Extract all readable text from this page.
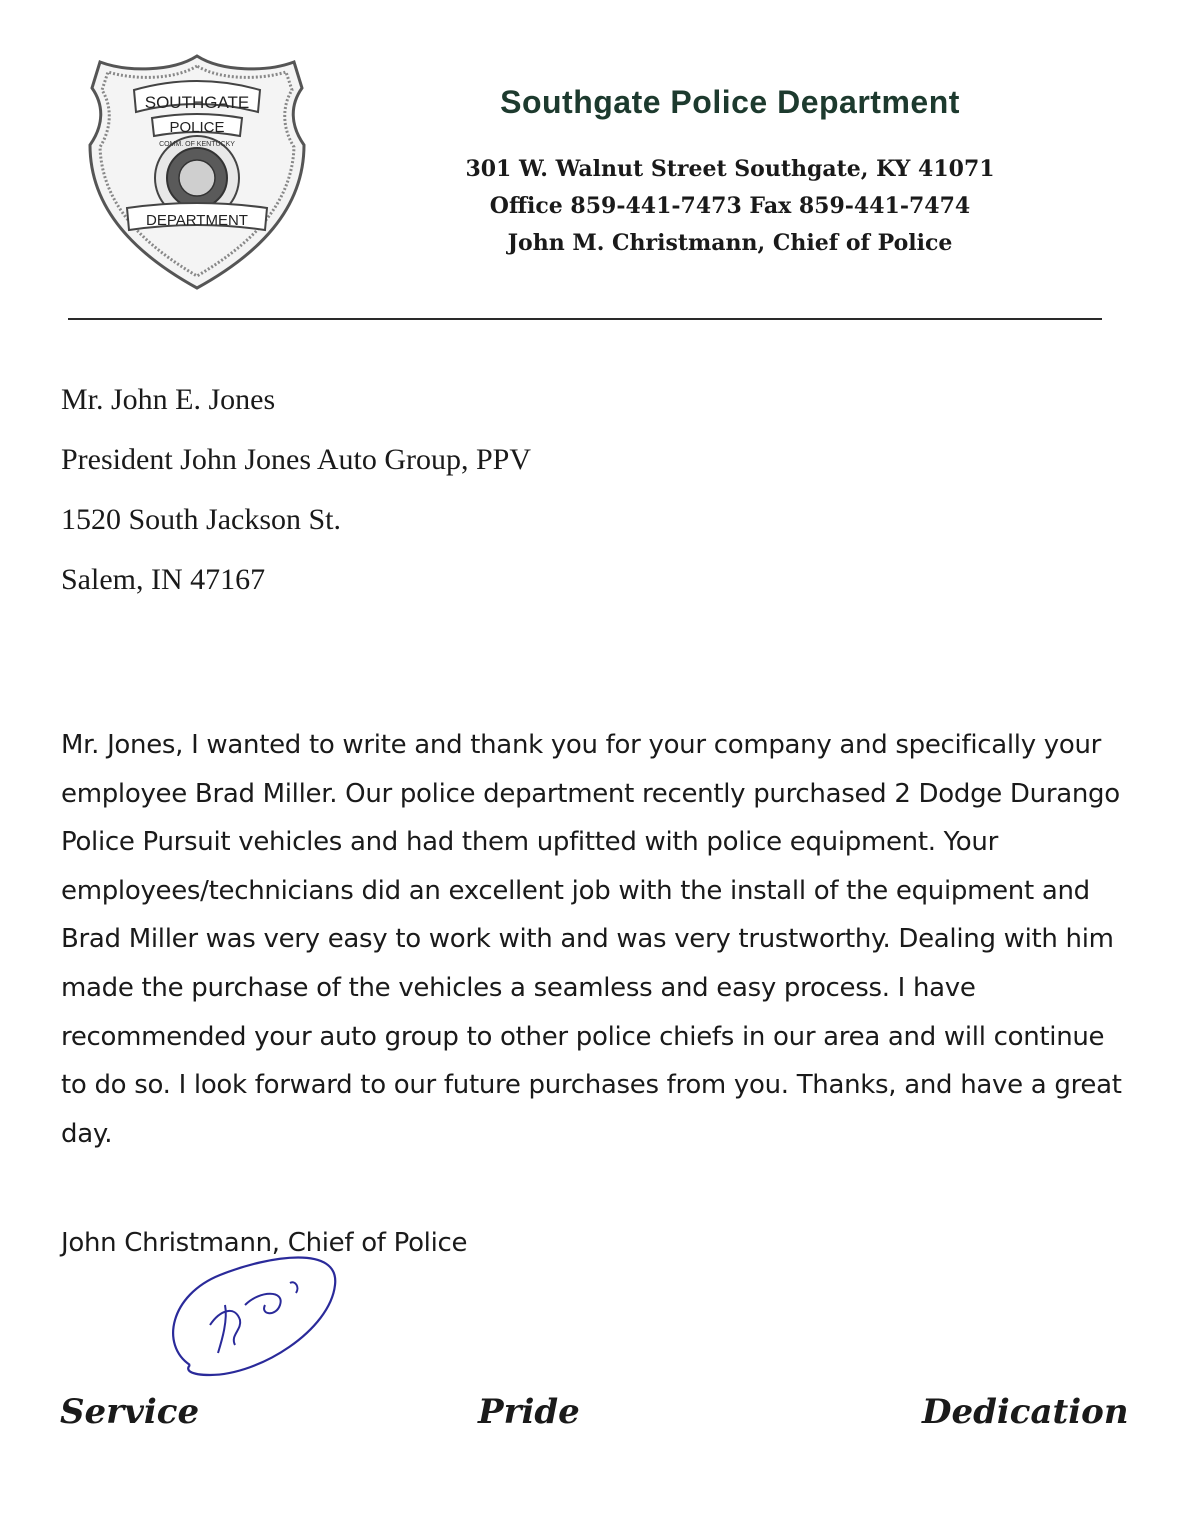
SOUTHGATE
POLICE
COMM. OF KENTUCKY
DEPARTMENT
Southgate Police Department

301 W. Walnut Street Southgate, KY 41071

Office 859-441-7473 Fax 859-441-7474

John M. Christmann, Chief of Police

Mr. John E. Jones

President John Jones Auto Group, PPV

1520 South Jackson St.

Salem, IN 47167

Mr. Jones, I wanted to write and thank you for your company and specifically your employee Brad Miller. Our police department recently purchased 2 Dodge Durango Police Pursuit vehicles and had them upfitted with police equipment. Your employees/technicians did an excellent job with the install of the equipment and Brad Miller was very easy to work with and was very trustworthy. Dealing with him made the purchase of the vehicles a seamless and easy process. I have recommended your auto group to other police chiefs in our area and will continue to do so. I look forward to our future purchases from you. Thanks, and have a great day.

John Christmann, Chief of Police

Service	Pride	Dedication
